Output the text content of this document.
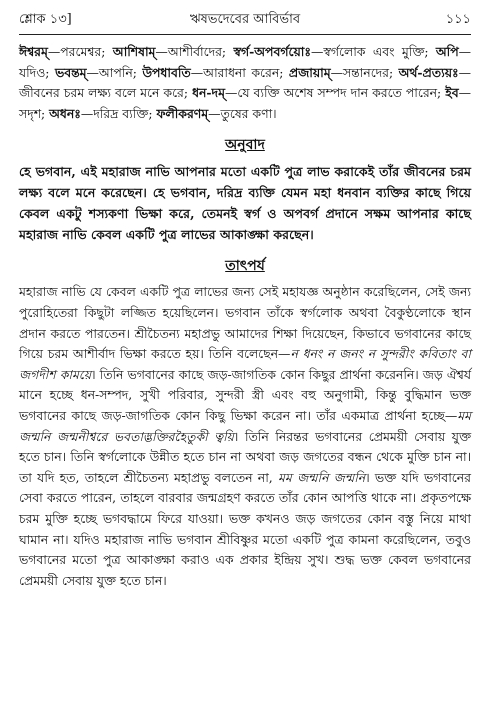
শ্লোক ১৩]	ঋষভদেবের আবির্ভাব	১১১
ঈশ্বরম্—পরমেশ্বর; আশিষাম্—আশীর্বাদের; স্বর্গ-অপবর্গয়োঃ—স্বর্গলোক এবং মুক্তি; অপি—যদিও; ভবন্তম্—আপনি; উপধাবতি—আরাধনা করেন; প্রজায়াম্—সন্তানদের; অর্থ-প্রত্যয়ঃ—জীবনের চরম লক্ষ্য বলে মনে করে; ধন-দম্—যে ব্যক্তি অশেষ সম্পদ দান করতে পারেন; ইব—সদৃশ; অধনঃ—দরিদ্র ব্যক্তি; ফলীকরণম্—তুষের কণা।
অনুবাদ
হে ভগবান, এই মহারাজ নাভি আপনার মতো একটি পুত্র লাভ করাকেই তাঁর জীবনের চরম লক্ষ্য বলে মনে করেছেন। হে ভগবান, দরিদ্র ব্যক্তি যেমন মহা ধনবান ব্যক্তির কাছে গিয়ে কেবল একটু শস্যকণা ভিক্ষা করে, তেমনই স্বর্গ ও অপবর্গ প্রদানে সক্ষম আপনার কাছে মহারাজ নাভি কেবল একটি পুত্র লাভের আকাঙ্ক্ষা করছেন।
তাৎপর্য
মহারাজ নাভি যে কেবল একটি পুত্র লাভের জন্য সেই মহাযজ্ঞ অনুষ্ঠান করেছিলেন, সেই জন্য পুরোহিতেরা কিছুটা লজ্জিত হয়েছিলেন। ভগবান তাঁকে স্বর্গলোক অথবা বৈকুণ্ঠলোকে স্থান প্রদান করতে পারতেন। শ্রীচৈতন্য মহাপ্রভু আমাদের শিক্ষা দিয়েছেন, কিভাবে ভগবানের কাছে গিয়ে চরম আশীর্বাদ ভিক্ষা করতে হয়। তিনি বলেছেন—ন ধনং ন জনং ন সুন্দরীং কবিতাং বা জগদীশ কাময়ে। তিনি ভগবানের কাছে জড়-জাগতিক কোন কিছুর প্রার্থনা করেননি। জড় ঐশ্বর্য মানে হচ্ছে ধন-সম্পদ, সুখী পরিবার, সুন্দরী স্ত্রী এবং বহু অনুগামী, কিন্তু বুদ্ধিমান ভক্ত ভগবানের কাছে জড়-জাগতিক কোন কিছু ভিক্ষা করেন না। তাঁর একমাত্র প্রার্থনা হচ্ছে—মম জন্মনি জন্মনীশ্বরে ভবতাদ্ভক্তিরহৈতুকী ত্বয়ি। তিনি নিরন্তর ভগবানের প্রেমময়ী সেবায় যুক্ত হতে চান। তিনি স্বর্গলোকে উন্নীত হতে চান না অথবা জড় জগতের বন্ধন থেকে মুক্তি চান না। তা যদি হত, তাহলে শ্রীচৈতন্য মহাপ্রভু বলতেন না, মম জন্মনি জন্মনি। ভক্ত যদি ভগবানের সেবা করতে পারেন, তাহলে বারবার জন্মগ্রহণ করতে তাঁর কোন আপত্তি থাকে না। প্রকৃতপক্ষে চরম মুক্তি হচ্ছে ভগবদ্ধামে ফিরে যাওয়া। ভক্ত কখনও জড় জগতের কোন বস্তু নিয়ে মাথা ঘামান না। যদিও মহারাজ নাভি ভগবান শ্রীবিষ্ণুর মতো একটি পুত্র কামনা করেছিলেন, তবুও ভগবানের মতো পুত্র আকাঙ্ক্ষা করাও এক প্রকার ইন্দ্রিয় সুখ। শুদ্ধ ভক্ত কেবল ভগবানের প্রেমময়ী সেবায় যুক্ত হতে চান।
